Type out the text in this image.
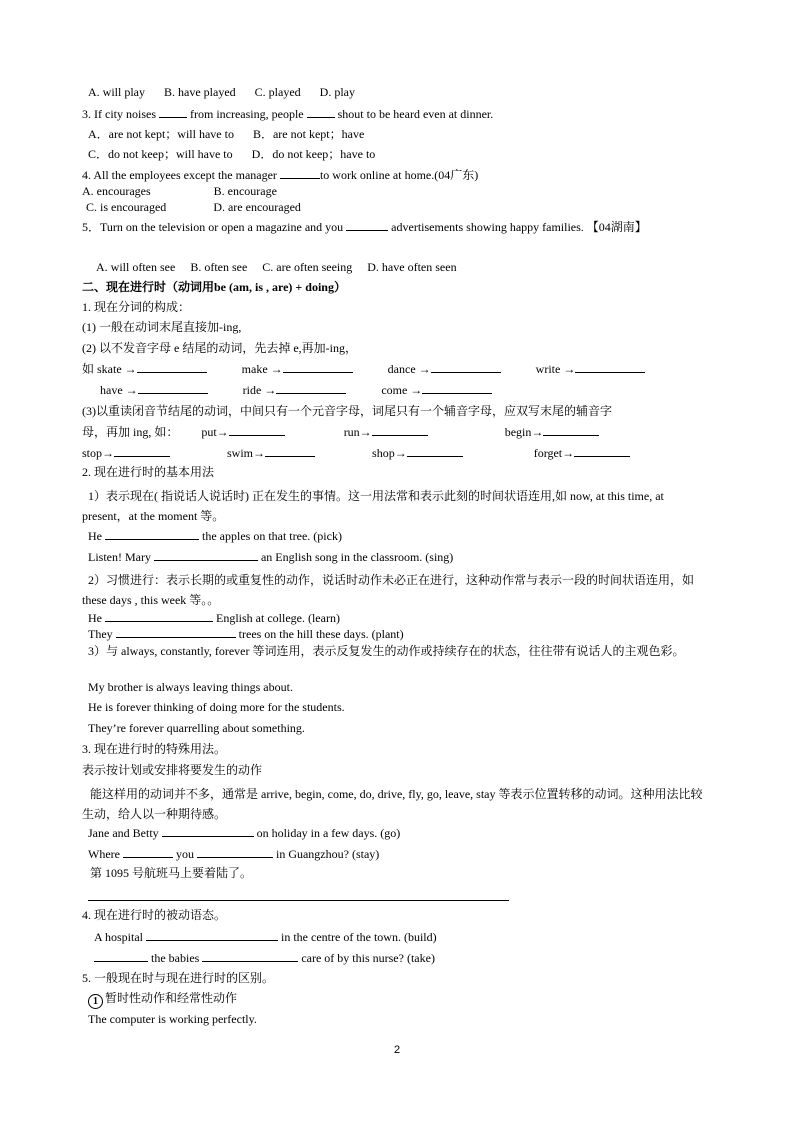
A. will play B. have played C. played D. play
3. If city noises	from increasing, people	shout to be heard even at dinner.
A．are not kept；will have to B．are not kept；have
C．do not keep；will have to D．do not keep；have to
4. All the employees except the manager	to work online at home.(04广东)
A. encourages	B. encourage
C. is encouraged	D. are encouraged
5．Turn on the television or open a magazine and you	advertisements showing happy families. 【04湖南】
A. will often see B. often see C. are often seeing D. have often seen
二、现在进行时（动词用be (am, is , are) + doing）
1. 现在分词的构成：
(1) 一般在动词末尾直接加-ing,
(2) 以不发音字母 e 结尾的动词，先去掉 e,再加-ing，
如 skate →	make →	dance →	write →
have →	ride →	come →
(3)以重读闭音节结尾的动词，中间只有一个元音字母，词尾只有一个辅音字母，应双写末尾的辅音字
母，再加 ing, 如： put→	run→	begin→
stop→	swim→	shop→	forget→
2. 现在进行时的基本用法
1）表示现在( 指说话人说话时) 正在发生的事情。这一用法常和表示此刻的时间状语连用,如 now, at this time, at present，at the moment 等。
He	the apples on that tree. (pick)
Listen! Mary	an English song in the classroom. (sing)
2）习惯进行：表示长期的或重复性的动作，说话时动作未必正在进行，这种动作常与表示一段的时间状语连用，如 these days , this week 等。。
He	English at college. (learn)
They	trees on the hill these days. (plant)
3）与 always, constantly, forever 等词连用，表示反复发生的动作或持续存在的状态，往往带有说话人的主观色彩。
My brother is always leaving things about.
He is forever thinking of doing more for the students.
They’re forever quarrelling about something.
3. 现在进行时的特殊用法。
表示按计划或安排将要发生的动作
能这样用的动词并不多，通常是 arrive, begin, come, do, drive, fly, go, leave, stay 等表示位置转移的动词。这种用法比较生动，给人以一种期待感。
Jane and Betty	on holiday in a few days. (go)
Where	you	in Guangzhou? (stay)
第 1095 号航班马上要着陆了。
4. 现在进行时的被动语态。
A hospital	in the centre of the town. (build)
the babies	care of by this nurse? (take)
5. 一般现在时与现在进行时的区别。
1 暂时性动作和经常性动作
The computer is working perfectly.
2
